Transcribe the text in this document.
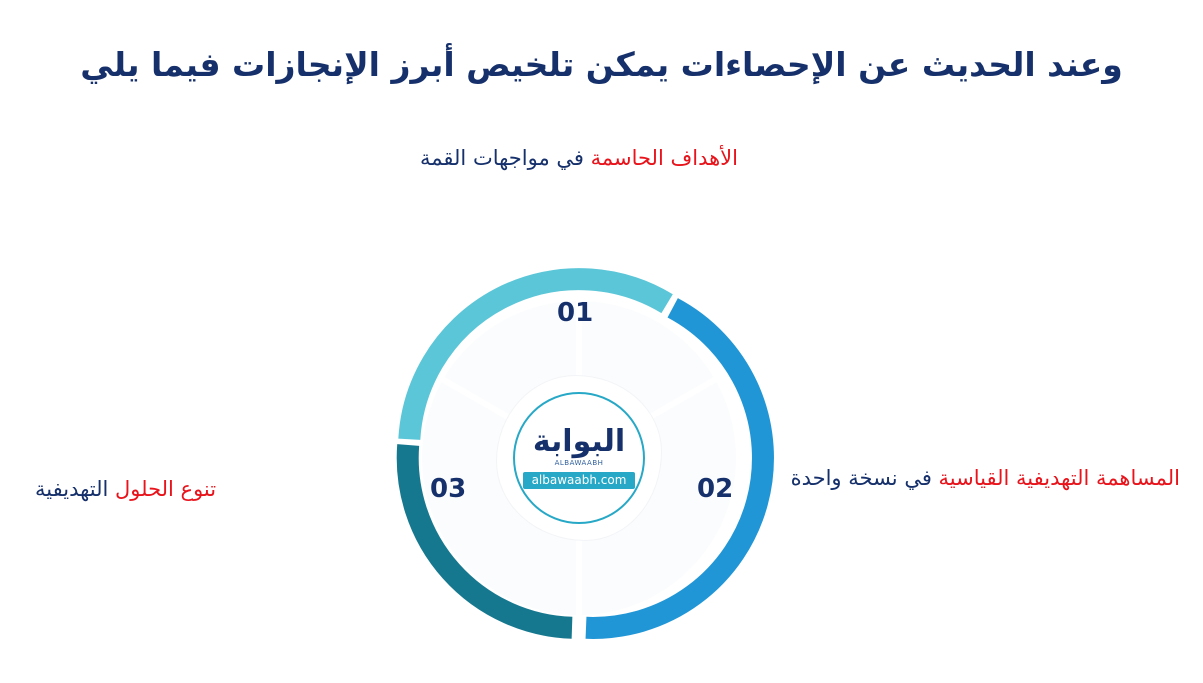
وعند الحديث عن الإحصاءات يمكن تلخيص أبرز الإنجازات فيما يلي
01
02
03
البوابة
ALBAWAABH
albawaabh.com
الأهداف الحاسمة في مواجهات القمة
المساهمة التهديفية القياسية في نسخة واحدة
تنوع الحلول التهديفية
